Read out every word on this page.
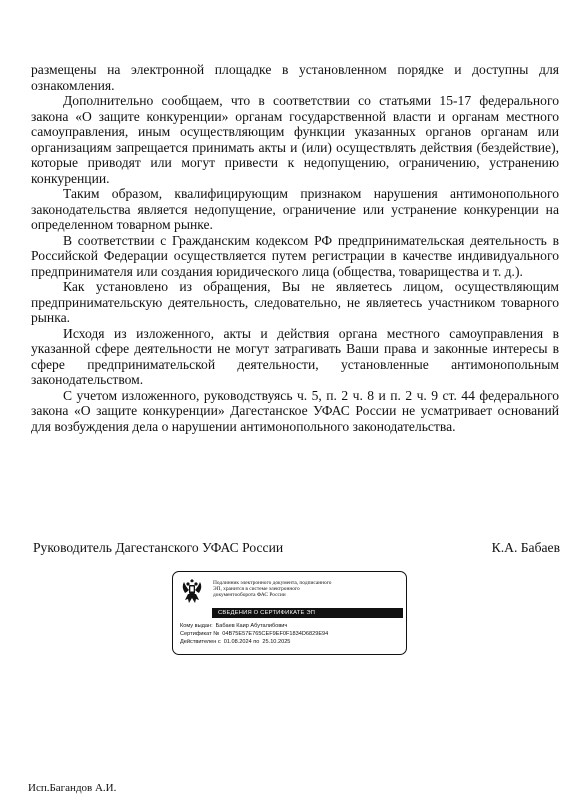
размещены на электронной площадке в установленном порядке и доступны для ознакомления.

Дополнительно сообщаем, что в соответствии со статьями 15-17 федерального закона «О защите конкуренции» органам государственной власти и органам местного самоуправления, иным осуществляющим функции указанных органов органам или организациям запрещается принимать акты и (или) осуществлять действия (бездействие), которые приводят или могут привести к недопущению, ограничению, устранению конкуренции.

Таким образом, квалифицирующим признаком нарушения антимонопольного законодательства является недопущение, ограничение или устранение конкуренции на определенном товарном рынке.

В соответствии с Гражданским кодексом РФ предпринимательская деятельность в Российской Федерации осуществляется путем регистрации в качестве индивидуального предпринимателя или создания юридического лица (общества, товарищества и т. д.).

Как установлено из обращения, Вы не являетесь лицом, осуществляющим предпринимательскую деятельность, следовательно, не являетесь участником товарного рынка.

Исходя из изложенного, акты и действия органа местного самоуправления в указанной сфере деятельности не могут затрагивать Ваши права и законные интересы в сфере предпринимательской деятельности, установленные антимонопольным законодательством.

С учетом изложенного, руководствуясь ч. 5, п. 2 ч. 8 и п. 2 ч. 9 ст. 44 федерального закона «О защите конкуренции» Дагестанское УФАС России не усматривает оснований для возбуждения дела о нарушении антимонопольного законодательства.

Руководитель Дагестанского УФАС России	К.А. Бабаев
Подлинник электронного документа, подписанного
ЭП, хранится в системе электронного
документооборота ФАС России
СВЕДЕНИЯ О СЕРТИФИКАТЕ ЭП
Кому выдан: Бабаев Каир Абуталибович
Сертификат № 04B75E57E765CEF9EF0F1834D6829E94
Действителен с 01.08.2024 по 25.10.2025
Исп.Багандов А.И.
